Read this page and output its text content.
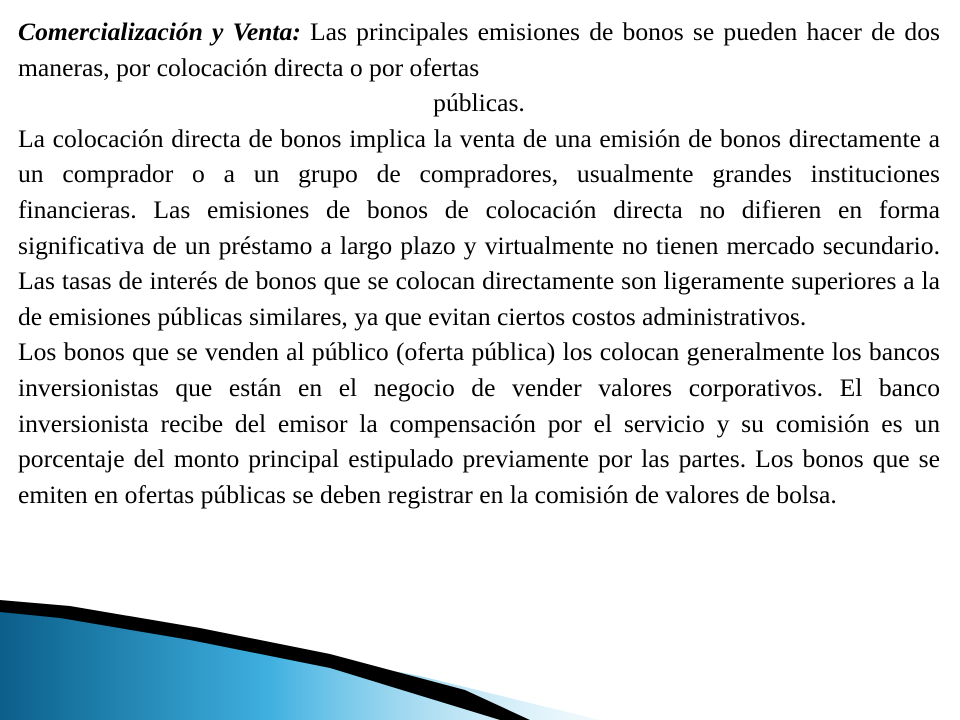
Comercialización y Venta: Las principales emisiones de bonos se pueden hacer de dos maneras, por colocación directa o por ofertas

públicas.

La colocación directa de bonos implica la venta de una emisión de bonos directamente a un comprador o a un grupo de compradores, usualmente grandes instituciones financieras. Las emisiones de bonos de colocación directa no difieren en forma significativa de un préstamo a largo plazo y virtualmente no tienen mercado secundario. Las tasas de interés de bonos que se colocan directamente son ligeramente superiores a la de emisiones públicas similares, ya que evitan ciertos costos administrativos.

Los bonos que se venden al público (oferta pública) los colocan generalmente los bancos inversionistas que están en el negocio de vender valores corporativos. El banco inversionista recibe del emisor la compensación por el servicio y su comisión es un porcentaje del monto principal estipulado previamente por las partes. Los bonos que se emiten en ofertas públicas se deben registrar en la comisión de valores de bolsa.
